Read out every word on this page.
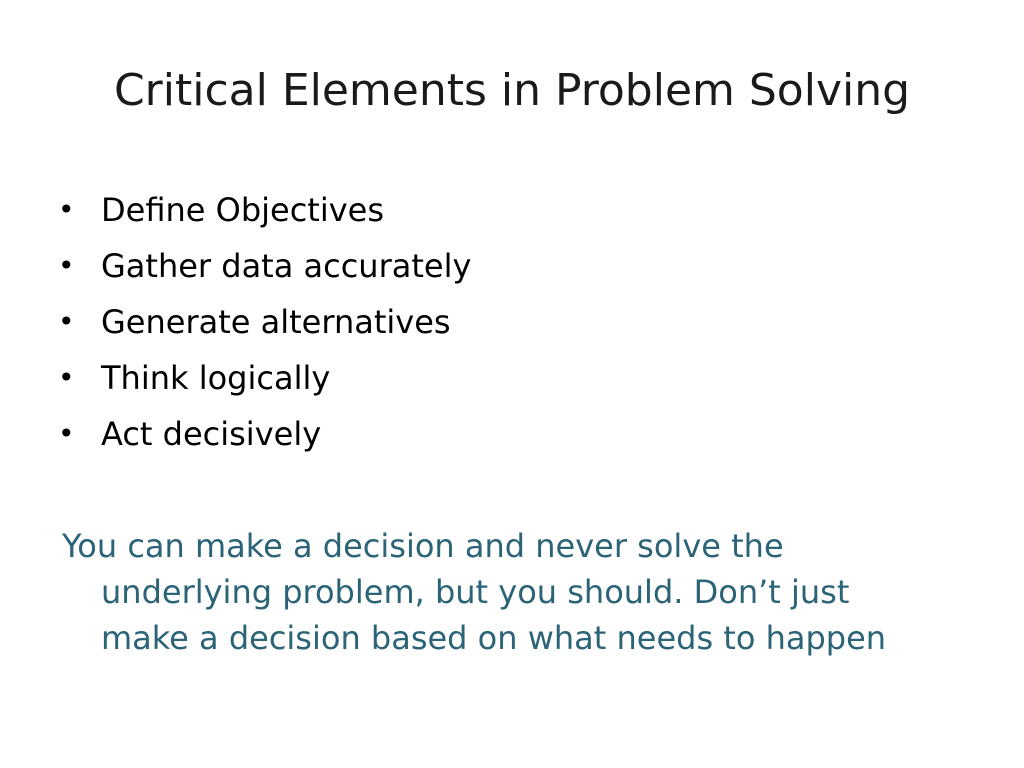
Critical Elements in Problem Solving
• Define Objectives
• Gather data accurately
• Generate alternatives
• Think logically
• Act decisively

You can make a decision and never solve the
underlying problem, but you should. Don’t just
make a decision based on what needs to happen
